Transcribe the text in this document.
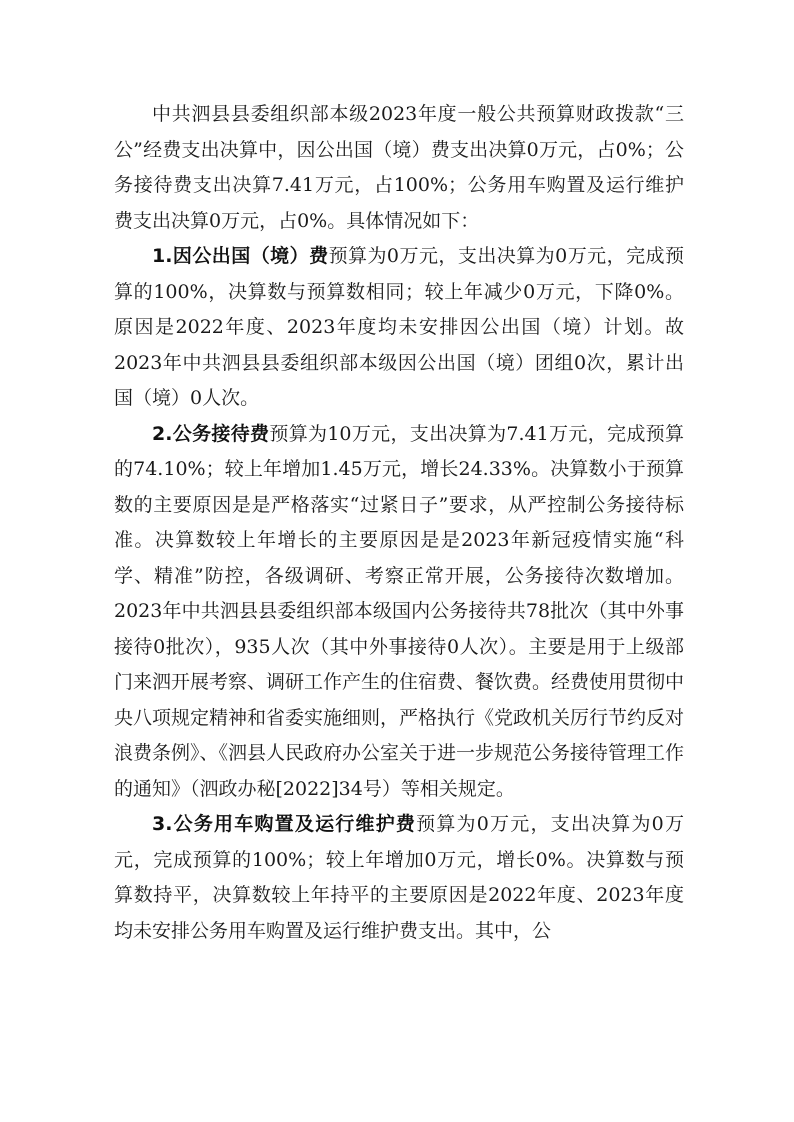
中共泗县县委组织部本级2023年度一般公共预算财政拨款“三公”经费支出决算中，因公出国（境）费支出决算0万元，占0%；公务接待费支出决算7.41万元，占100%；公务用车购置及运行维护费支出决算0万元，占0%。具体情况如下：

1.因公出国（境）费预算为0万元，支出决算为0万元，完成预算的100%，决算数与预算数相同；较上年减少0万元，下降0%。原因是2022年度、2023年度均未安排因公出国（境）计划。故2023年中共泗县县委组织部本级因公出国（境）团组0次，累计出国（境）0人次。

2.公务接待费预算为10万元，支出决算为7.41万元，完成预算的74.10%；较上年增加1.45万元，增长24.33%。决算数小于预算数的主要原因是是严格落实“过紧日子”要求，从严控制公务接待标准。决算数较上年增长的主要原因是是2023年新冠疫情实施“科学、精准”防控，各级调研、考察正常开展，公务接待次数增加。2023年中共泗县县委组织部本级国内公务接待共78批次（其中外事接待0批次），935人次（其中外事接待0人次）。主要是用于上级部门来泗开展考察、调研工作产生的住宿费、餐饮费。经费使用贯彻中央八项规定精神和省委实施细则，严格执行《党政机关厉行节约反对浪费条例》、《泗县人民政府办公室关于进一步规范公务接待管理工作的通知》（泗政办秘[2022]34号）等相关规定。

3.公务用车购置及运行维护费预算为0万元，支出决算为0万元，完成预算的100%；较上年增加0万元，增长0%。决算数与预算数持平，决算数较上年持平的主要原因是2022年度、2023年度均未安排公务用车购置及运行维护费支出。其中，公
